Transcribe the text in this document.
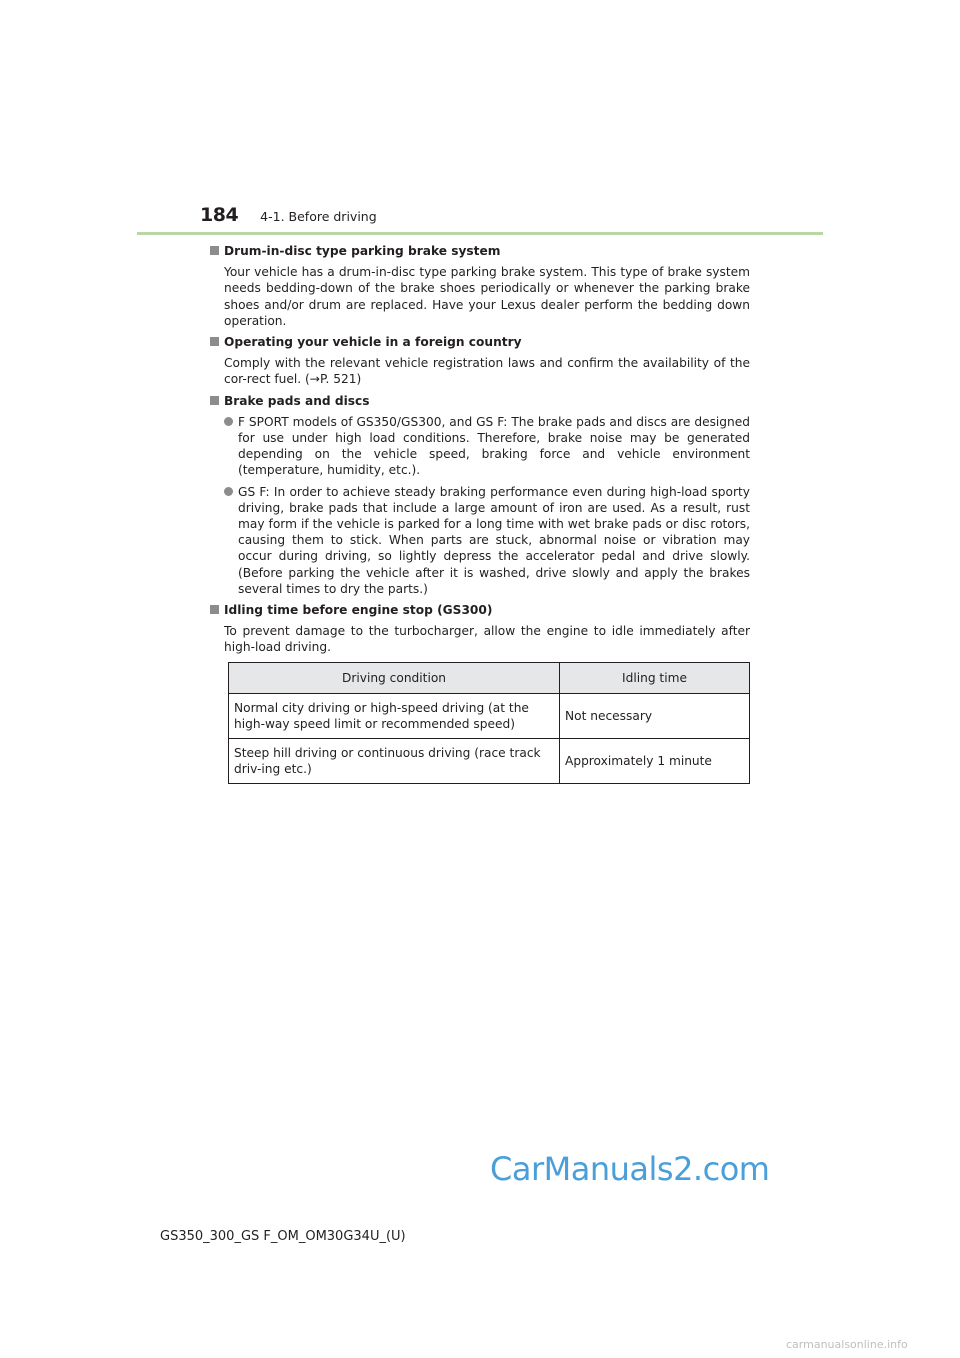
184 4-1. Before driving
Drum-in-disc type parking brake system
Your vehicle has a drum-in-disc type parking brake system. This type of brake system needs bedding-down of the brake shoes periodically or whenever the parking brake shoes and/or drum are replaced. Have your Lexus dealer perform the bedding down operation.
Operating your vehicle in a foreign country
Comply with the relevant vehicle registration laws and confirm the availability of the cor-rect fuel. (→P. 521)
Brake pads and discs
F SPORT models of GS350/GS300, and GS F: The brake pads and discs are designed for use under high load conditions. Therefore, brake noise may be generated depending on the vehicle speed, braking force and vehicle environment (temperature, humidity, etc.).
GS F: In order to achieve steady braking performance even during high-load sporty driving, brake pads that include a large amount of iron are used. As a result, rust may form if the vehicle is parked for a long time with wet brake pads or disc rotors, causing them to stick. When parts are stuck, abnormal noise or vibration may occur during driving, so lightly depress the accelerator pedal and drive slowly. (Before parking the vehicle after it is washed, drive slowly and apply the brakes several times to dry the parts.)
Idling time before engine stop (GS300)
To prevent damage to the turbocharger, allow the engine to idle immediately after high-load driving.
Driving condition	Idling time
Normal city driving or high-speed driving (at the high-way speed limit or recommended speed)	Not necessary
Steep hill driving or continuous driving (race track driv-ing etc.)	Approximately 1 minute
CarManuals2.com
GS350_300_GS F_OM_OM30G34U_(U)
carmanualsonline.info
